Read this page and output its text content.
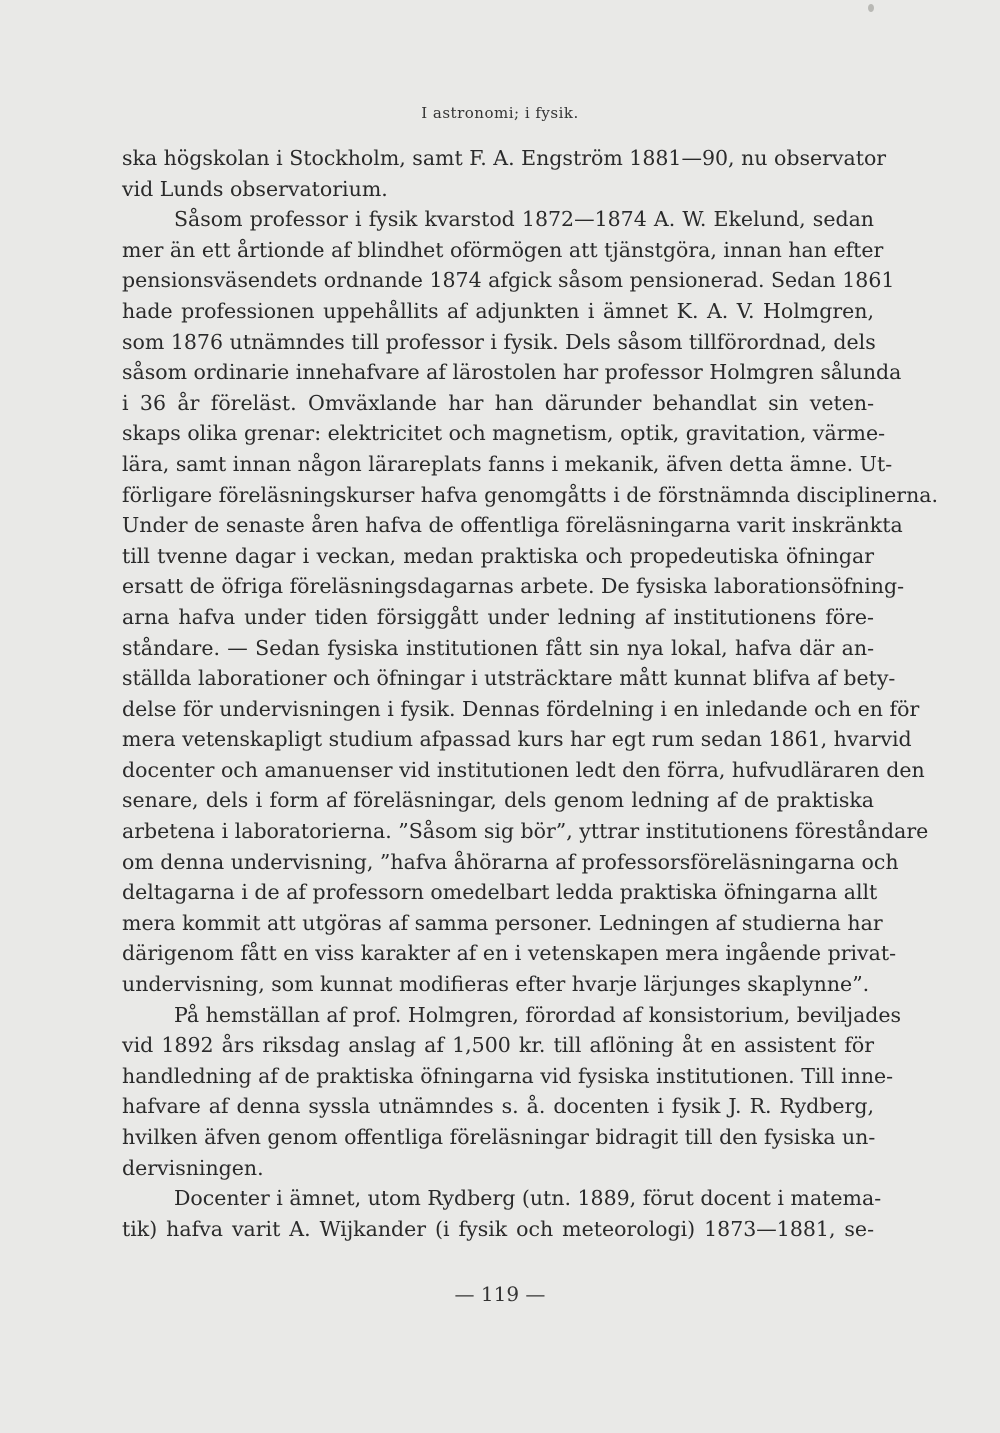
I astronomi; i fysik.
ska högskolan i Stockholm, samt F. A. Engström 1881—90, nu observator
vid Lunds observatorium.
Såsom professor i fysik kvarstod 1872—1874 A. W. Ekelund, sedan
mer än ett årtionde af blindhet oförmögen att tjänstgöra, innan han efter
pensionsväsendets ordnande 1874 afgick såsom pensionerad. Sedan 1861
hade professionen uppehållits af adjunkten i ämnet K. A. V. Holmgren,
som 1876 utnämndes till professor i fysik. Dels såsom tillförordnad, dels
såsom ordinarie innehafvare af lärostolen har professor Holmgren sålunda
i 36 år föreläst. Omväxlande har han därunder behandlat sin veten-
skaps olika grenar: elektricitet och magnetism, optik, gravitation, värme-
lära, samt innan någon lärareplats fanns i mekanik, äfven detta ämne. Ut-
förligare föreläsningskurser hafva genomgåtts i de förstnämnda disciplinerna.
Under de senaste åren hafva de offentliga föreläsningarna varit inskränkta
till tvenne dagar i veckan, medan praktiska och propedeutiska öfningar
ersatt de öfriga föreläsningsdagarnas arbete. De fysiska laborationsöfning-
arna hafva under tiden försiggått under ledning af institutionens före-
ståndare. — Sedan fysiska institutionen fått sin nya lokal, hafva där an-
ställda laborationer och öfningar i utsträcktare mått kunnat blifva af bety-
delse för undervisningen i fysik. Dennas fördelning i en inledande och en för
mera vetenskapligt studium afpassad kurs har egt rum sedan 1861, hvarvid
docenter och amanuenser vid institutionen ledt den förra, hufvudläraren den
senare, dels i form af föreläsningar, dels genom ledning af de praktiska
arbetena i laboratorierna. ”Såsom sig bör”, yttrar institutionens föreståndare
om denna undervisning, ”hafva åhörarna af professorsföreläsningarna och
deltagarna i de af professorn omedelbart ledda praktiska öfningarna allt
mera kommit att utgöras af samma personer. Ledningen af studierna har
därigenom fått en viss karakter af en i vetenskapen mera ingående privat-
undervisning, som kunnat modifieras efter hvarje lärjunges skaplynne”.
På hemställan af prof. Holmgren, förordad af konsistorium, beviljades
vid 1892 års riksdag anslag af 1,500 kr. till aflöning åt en assistent för
handledning af de praktiska öfningarna vid fysiska institutionen. Till inne-
hafvare af denna syssla utnämndes s. å. docenten i fysik J. R. Rydberg,
hvilken äfven genom offentliga föreläsningar bidragit till den fysiska un-
dervisningen.
Docenter i ämnet, utom Rydberg (utn. 1889, förut docent i matema-
tik) hafva varit A. Wijkander (i fysik och meteorologi) 1873—1881, se-
— 119 —
